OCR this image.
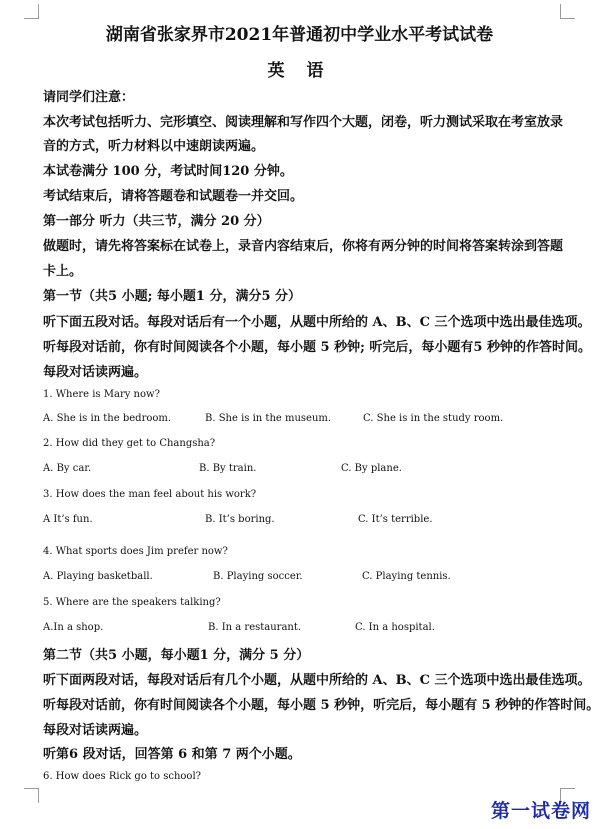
湖南省张家界市2021年普通初中学业水平考试试卷
英 语
请同学们注意：
本次考试包括听力、完形填空、阅读理解和写作四个大题，闭卷，听力测试采取在考室放录
音的方式，听力材料以中速朗读两遍。
本试卷满分 100 分，考试时间120 分钟。
考试结束后，请将答题卷和试题卷一并交回。
第一部分 听力（共三节，满分 20 分）
做题时，请先将答案标在试卷上，录音内容结束后，你将有两分钟的时间将答案转涂到答题
卡上。
第一节（共5 小题; 每小题1 分，满分5 分）
听下面五段对话。每段对话后有一个小题，从题中所给的 A、B、C 三个选项中选出最佳选项。
听每段对话前，你有时间阅读各个小题，每小题 5 秒钟; 听完后，每小题有5 秒钟的作答时间。
每段对话读两遍。
1. Where is Mary now?
A. She is in the bedroom.	B. She is in the museum.	C. She is in the study room.
2. How did they get to Changsha?
A. By car.	B. By train.	C. By plane.
3. How does the man feel about his work?
A It’s fun.	B. It’s boring.	C. It’s terrible.
4. What sports does Jim prefer now?
A. Playing basketball.	B. Playing soccer.	C. Playing tennis.
5. Where are the speakers talking?
A.In a shop.	B. In a restaurant.	C. In a hospital.
第二节（共5 小题，每小题1 分，满分 5 分）
听下面两段对话，每段对话后有几个小题，从题中所给的 A、B、C 三个选项中选出最佳选项。
听每段对话前，你有时间阅读各个小题，每小题 5 秒钟，听完后，每小题有 5 秒钟的作答时间。
每段对话读两遍。
听第6 段对话，回答第 6 和第 7 两个小题。
6. How does Rick go to school?
第一试卷网
